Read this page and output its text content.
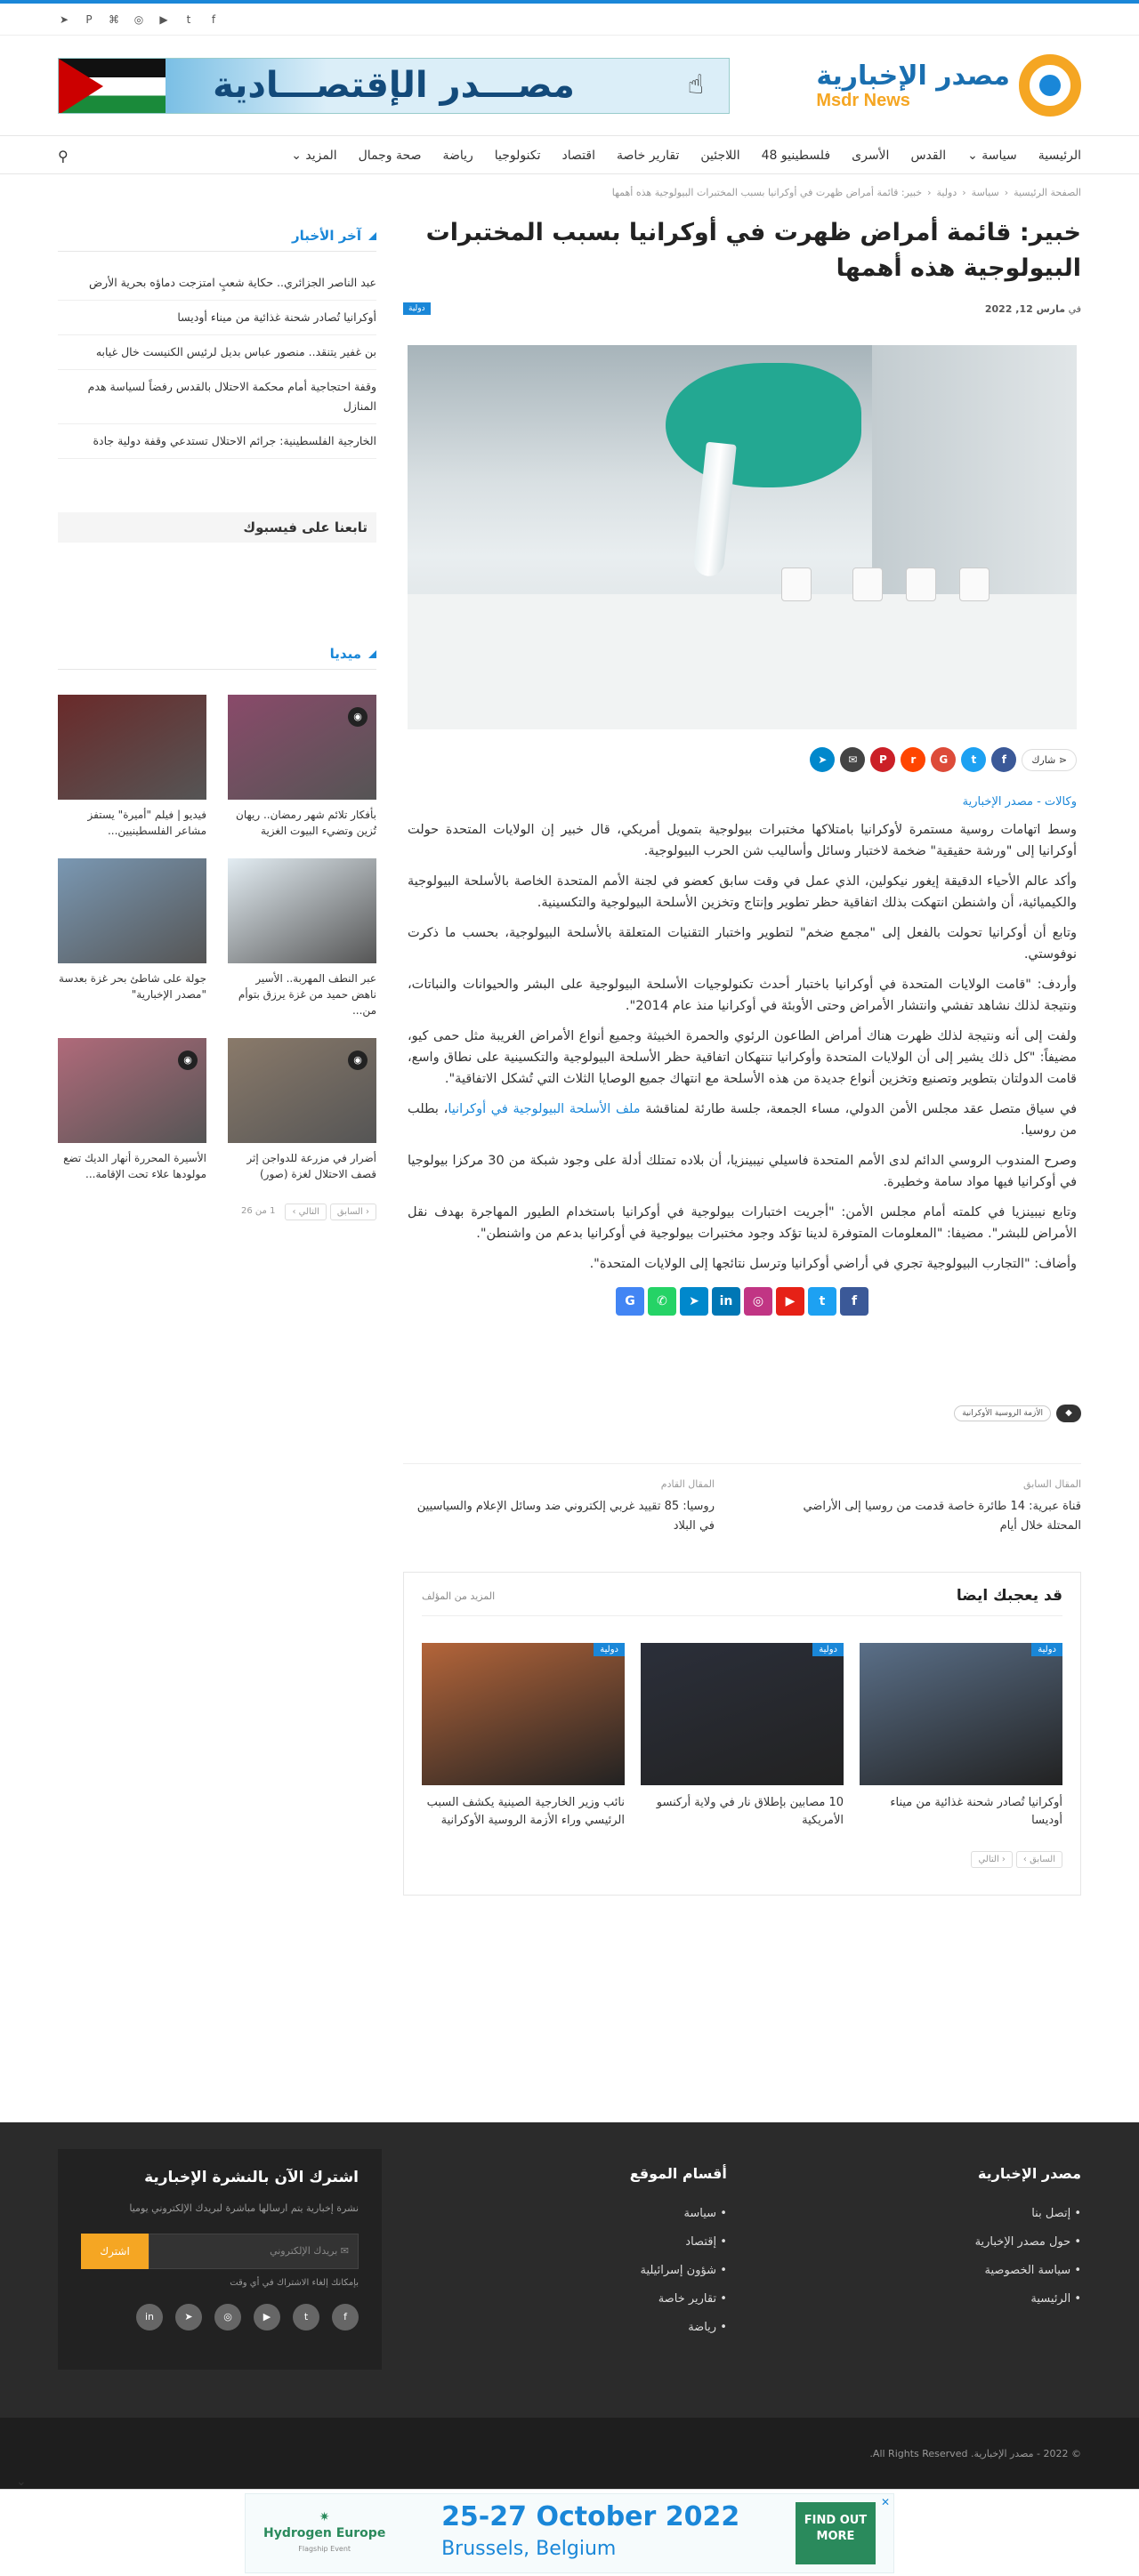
➤ P ⌘ ◎ ▶	t	f
مصدر الإخبارية
Msdr News
مصـــدر الإقتصـــادية	☝
الرئيسية
سياسة ⌄
القدس
الأسرى
فلسطينيو 48
اللاجئين
تقارير خاصة
اقتصاد
تكنولوجيا
رياضة
صحة وجمال
المزيد ⌄
⚲
الصفحة الرئيسية
‹
سياسة
‹
دولية
‹
خبير: قائمة أمراض ظهرت في أوكرانيا بسبب المختبرات البيولوجية هذه أهمها
خبير: قائمة أمراض ظهرت في أوكرانيا بسبب المختبرات البيولوجية هذه أهمها
في مارس 12, 2022
دولية
⋖ شارك
f
t
G
r
P
✉
➤
وكالات - مصدر الإخبارية

وسط اتهامات روسية مستمرة لأوكرانيا بامتلاكها مختبرات بيولوجية بتمويل أمريكي، قال خبير إن الولايات المتحدة حولت أوكرانيا إلى "ورشة حقيقية" ضخمة لاختبار وسائل وأساليب شن الحرب البيولوجية.

وأكد عالم الأحياء الدقيقة إيغور نيكولين، الذي عمل في وقت سابق كعضو في لجنة الأمم المتحدة الخاصة بالأسلحة البيولوجية والكيميائية، أن واشنطن انتهكت بذلك اتفاقية حظر تطوير وإنتاج وتخزين الأسلحة البيولوجية والتكسينية.

وتابع أن أوكرانيا تحولت بالفعل إلى "مجمع ضخم" لتطوير واختبار التقنيات المتعلقة بالأسلحة البيولوجية، بحسب ما ذكرت نوفوستي.

وأردف: "قامت الولايات المتحدة في أوكرانيا باختبار أحدث تكنولوجيات الأسلحة البيولوجية على البشر والحيوانات والنباتات، ونتيجة لذلك نشاهد تفشي وانتشار الأمراض وحتى الأوبئة في أوكرانيا منذ عام 2014".

ولفت إلى أنه ونتيجة لذلك ظهرت هناك أمراض الطاعون الرئوي والحمرة الخبيثة وجميع أنواع الأمراض الغريبة مثل حمى كيو، مضيفاً: "كل ذلك يشير إلى أن الولايات المتحدة وأوكرانيا تنتهكان اتفاقية حظر الأسلحة البيولوجية والتكسينية على نطاق واسع، قامت الدولتان بتطوير وتصنيع وتخزين أنواع جديدة من هذه الأسلحة مع انتهاك جميع الوصايا الثلاث التي تُشكل الاتفاقية".

في سياق متصل عقد مجلس الأمن الدولي، مساء الجمعة، جلسة طارئة لمناقشة ملف الأسلحة البيولوجية في أوكرانيا، بطلب من روسيا.

وصرح المندوب الروسي الدائم لدى الأمم المتحدة فاسيلي نيبينزيا، أن بلاده تمتلك أدلة على وجود شبكة من 30 مركزا بيولوجيا في أوكرانيا فيها مواد سامة وخطيرة.

وتابع نيبينزيا في كلمته أمام مجلس الأمن: "أجريت اختبارات بيولوجية في أوكرانيا باستخدام الطيور المهاجرة بهدف نقل الأمراض للبشر". مضيفا: "المعلومات المتوفرة لدينا تؤكد وجود مختبرات بيولوجية في أوكرانيا بدعم من واشنطن".

وأضاف: "التجارب البيولوجية تجري في أراضي أوكرانيا وترسل نتائجها إلى الولايات المتحدة".

f
t
▶
◎
in
➤
✆
G
◆
الأزمة الروسية الأوكرانية
المقال السابق
قناة عبرية: 14 طائرة خاصة قدمت من روسيا إلى الأراضي المحتلة خلال أيام
المقال القادم
روسيا: 85 تقييد غربي إلكتروني ضد وسائل الإعلام والسياسيين في البلاد
قد يعجبك ايضا
المزيد من المؤلف
دولية
أوكرانيا تُصادر شحنة غذائية من ميناء أوديسا
دولية
10 مصابين بإطلاق نار في ولاية أركنسو الأمريكية
دولية
نائب وزير الخارجية الصينية يكشف السبب الرئيسي وراء الأزمة الروسية الأوكرانية
السابق ›
‹ التالي
آخر الأخبار
عبد الناصر الجزائري.. حكاية شعبٍ امتزجت دماؤه بحرية الأرض
أوكرانيا تُصادر شحنة غذائية من ميناء أوديسا
بن غفير يتنقد.. منصور عباس بديل لرئيس الكنيست خال غيابه
وقفة احتجاجية أمام محكمة الاحتلال بالقدس رفضاً لسياسة هدم المنازل
الخارجية الفلسطينية: جرائم الاحتلال تستدعي وقفة دولية جادة
تابعنا على فيسبوك
ميديا
◉
بأفكار تلائم شهر رمضان.. ريهان تُزين وتضيء البيوت الغزية
فيديو | فيلم "أميرة" يستفز مشاعر الفلسطينيين...
عبر النطف المهربة.. الأسير ناهض حميد من غزة يرزق بتوأم من...
جولة على شاطئ بحر غزة بعدسة "مصدر الإخبارية"
◉
أضرار في مزرعة للدواجن إثر قصف الاحتلال لغزة (صور)
◉
الأسيرة المحررة أنهار الديك تضع مولودها علاء تحت الإقامة...
‹ السابق
التالي ›
1 من 26
مصدر الإخبارية
• إتصل بنا
• حول مصدر الإخبارية
• سياسة الخصوصية
• الرئيسية
أقسام الموقع
• سياسة
• إقتصاد
• شؤون إسرائيلية
• تقارير خاصة
• رياضة
اشترك الآن بالنشرة الإخبارية
نشرة إخبارية يتم ارسالها مباشرة لبريدك الإلكتروني يوميا
✉ بريدك الإلكتروني
اشترك
بإمكانك إلغاء الاشتراك في أي وقت
f
t
▶
◎
➤
in
© 2022 - مصدر الإخبارية. All Rights Reserved.
⌄
✷
Hydrogen Europe
Flagship Event
25-27 October 2022
Brussels, Belgium
FIND OUT MORE
✕
